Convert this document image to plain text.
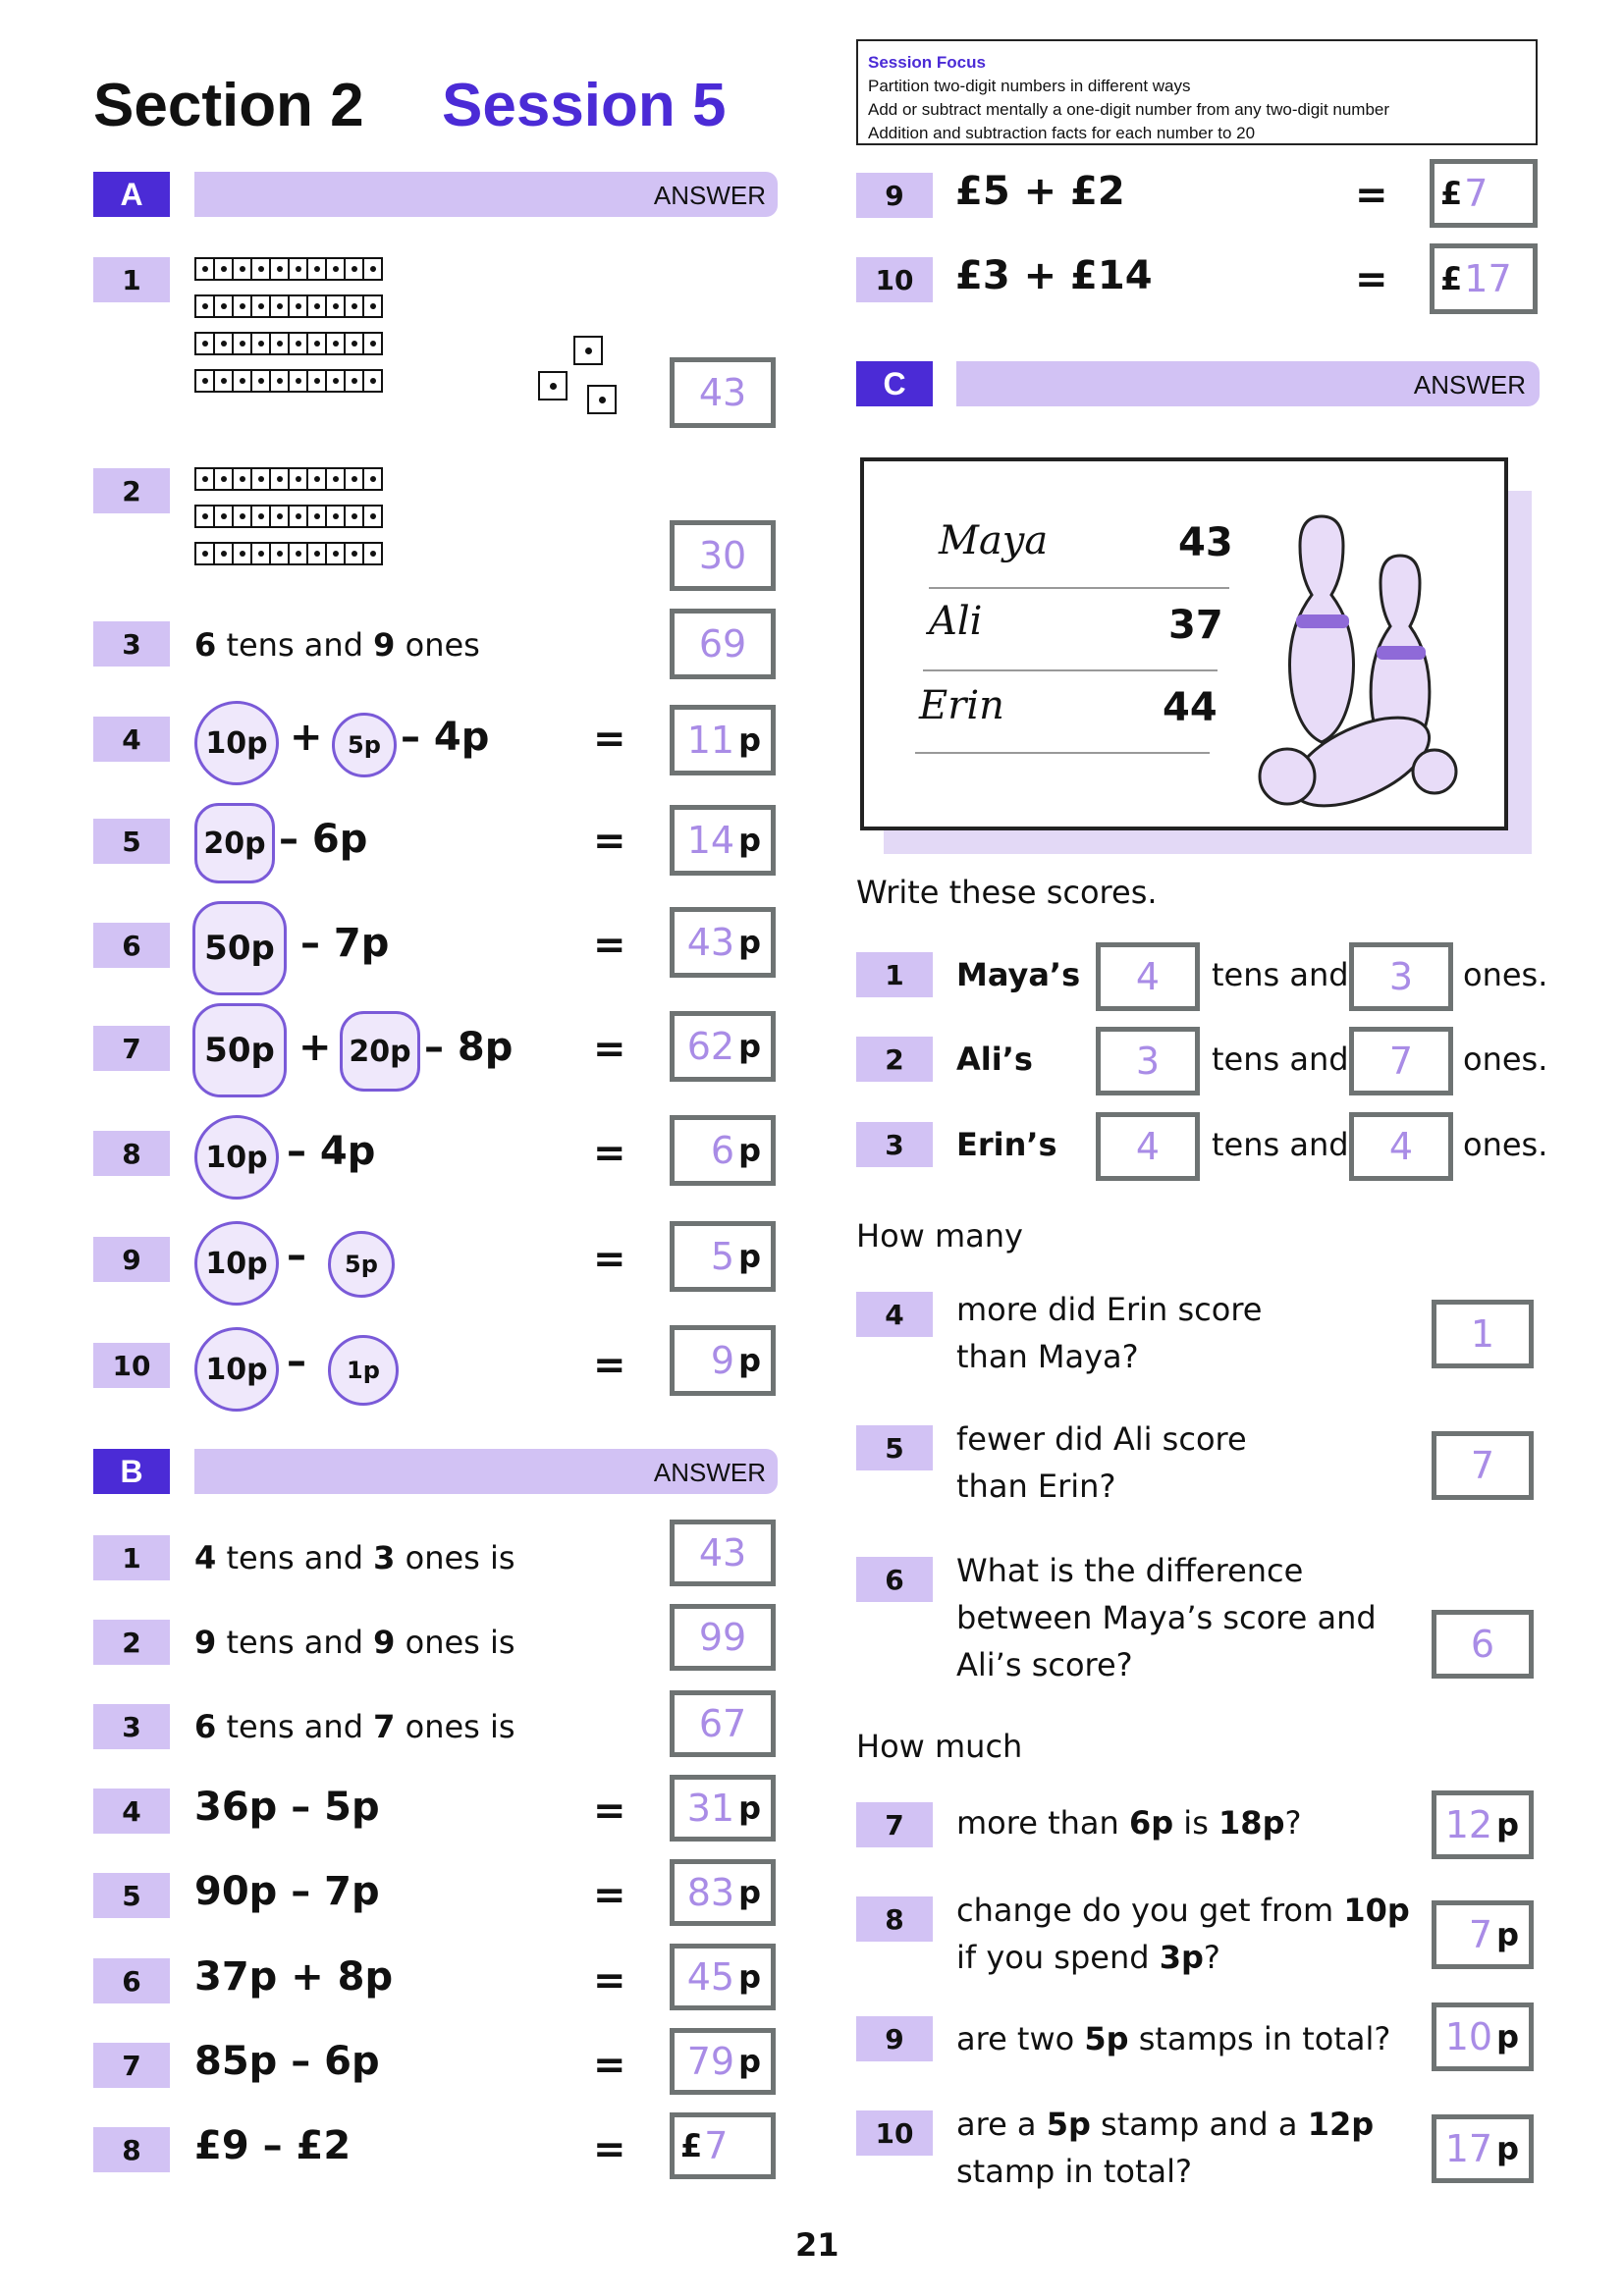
Section 2 Session 5
Session Focus
Partition two-digit numbers in different ways
Add or subtract mentally a one-digit number from any two-digit number
Addition and subtraction facts for each number to 20
A	ANSWER
1
43
2
30
3	6 tens and 9 ones	69
4	10p +	5p – 4p	= 11 p
5	20p – 6p	= 14 p
6	50p – 7p	= 43 p
7	50p + 20p – 8p = 62 p
8	10p – 4p	= 6 p
9	10p –	5p	= 5 p
10	10p –	1p	= 9 p
B	ANSWER
1	4 tens and 3 ones is	43
2	9 tens and 9 ones is	99
3	6 tens and 7 ones is	67
4	36p – 5p	= 31 p
5	90p – 7p	= 83 p
6	37p + 8p	= 45 p
7	85p – 6p	= 79 p
8	£9 – £2	= £ 7
9	£5 + £2	= £ 7
10	£3 + £14	= £ 17
C	ANSWER
Maya	43
Ali	37
Erin	44
Write these scores.
1	Maya’s 4 tens and 3 ones.
2	Ali’s	3 tens and 7 ones.
3	Erin’s 4 tens and 4 ones.
How many
4	more did Erin score
than Maya?
1
5	fewer did Ali score
than Erin?	7
6	What is the difference
between Maya’s score and
Ali’s score?	6
How much
7	more than 6p is 18p?	12 p
8	change do you get from 10p
if you spend 3p?
7 p
9	are two 5p stamps in total? 10 p
10	are a 5p stamp and a 12p
stamp in total?
17 p
21
